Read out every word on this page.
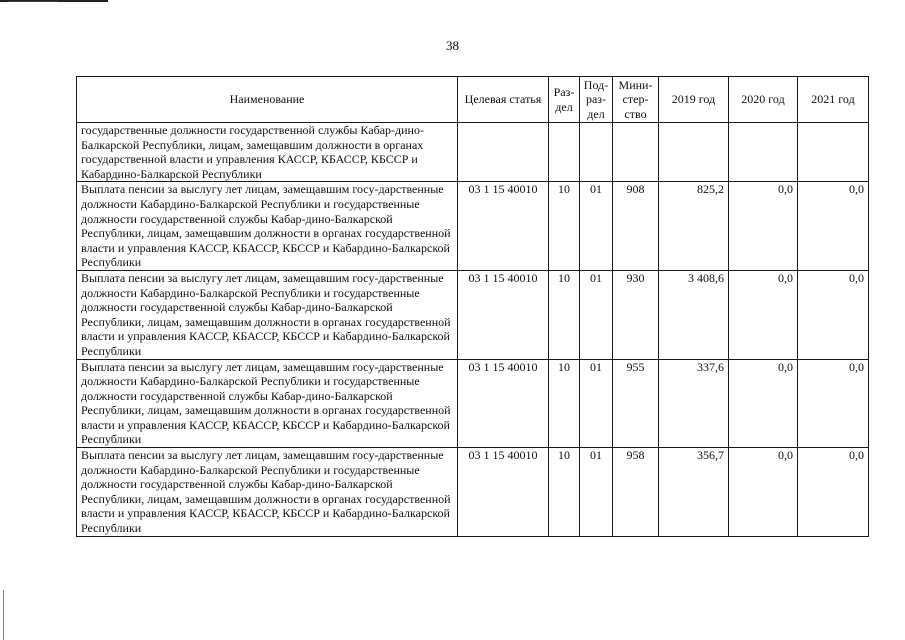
38
Наименование	Целевая статья	Раз-дел	Под-раз-дел	Мини-стер-ство	2019 год	2020 год	2021 год
государственные должности государственной службы Кабар-дино-Балкарской Республики, лицам, замещавшим должности в органах государственной власти и управления КАССР, КБАССР, КБССР и Кабардино-Балкарской Республики							
Выплата пенсии за выслугу лет лицам, замещавшим госу-дарственные должности Кабардино-Балкарской Республики и государственные должности государственной службы Кабар-дино-Балкарской Республики, лицам, замещавшим должности в органах государственной власти и управления КАССР, КБАССР, КБССР и Кабардино-Балкарской Республики	03 1 15 40010	10	01	908	825,2	0,0	0,0
Выплата пенсии за выслугу лет лицам, замещавшим госу-дарственные должности Кабардино-Балкарской Республики и государственные должности государственной службы Кабар-дино-Балкарской Республики, лицам, замещавшим должности в органах государственной власти и управления КАССР, КБАССР, КБССР и Кабардино-Балкарской Республики	03 1 15 40010	10	01	930	3 408,6	0,0	0,0
Выплата пенсии за выслугу лет лицам, замещавшим госу-дарственные должности Кабардино-Балкарской Республики и государственные должности государственной службы Кабар-дино-Балкарской Республики, лицам, замещавшим должности в органах государственной власти и управления КАССР, КБАССР, КБССР и Кабардино-Балкарской Республики	03 1 15 40010	10	01	955	337,6	0,0	0,0
Выплата пенсии за выслугу лет лицам, замещавшим госу-дарственные должности Кабардино-Балкарской Республики и государственные должности государственной службы Кабар-дино-Балкарской Республики, лицам, замещавшим должности в органах государственной власти и управления КАССР, КБАССР, КБССР и Кабардино-Балкарской Республики	03 1 15 40010	10	01	958	356,7	0,0	0,0
